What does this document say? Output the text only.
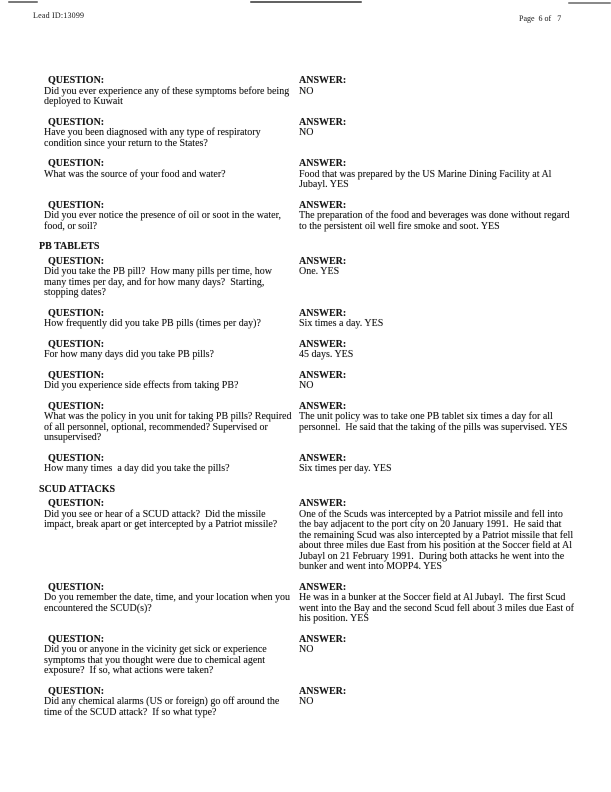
Lead ID:13099	Page  6 of   7
QUESTION:
Did you ever experience any of these symptoms before being deployed to Kuwait
ANSWER:
NO
QUESTION:
Have you been diagnosed with any type of respiratory condition since your return to the States?
ANSWER:
NO
QUESTION:
What was the source of your food and water?
ANSWER:
Food that was prepared by the US Marine Dining Facility at Al Jubayl. YES
QUESTION:
Did you ever notice the presence of oil or soot in the water, food, or soil?
ANSWER:
The preparation of the food and beverages was done without regard to the persistent oil well fire smoke and soot. YES
PB TABLETS
QUESTION:
Did you take the PB pill?  How many pills per time, how many times per day, and for how many days?  Starting, stopping dates?
ANSWER:
One. YES
QUESTION:
How frequently did you take PB pills (times per day)?
ANSWER:
Six times a day. YES
QUESTION:
For how many days did you take PB pills?
ANSWER:
45 days. YES
QUESTION:
Did you experience side effects from taking PB?
ANSWER:
NO
QUESTION:
What was the policy in you unit for taking PB pills? Required of all personnel, optional, recommended? Supervised or unsupervised?
ANSWER:
The unit policy was to take one PB tablet six times a day for all personnel.  He said that the taking of the pills was supervised. YES
QUESTION:
How many times  a day did you take the pills?
ANSWER:
Six times per day. YES
SCUD ATTACKS
QUESTION:
Did you see or hear of a SCUD attack?  Did the missile impact, break apart or get intercepted by a Patriot missile?
ANSWER:
One of the Scuds was intercepted by a Patriot missile and fell into the bay adjacent to the port city on 20 January 1991.  He said that the remaining Scud was also intercepted by a Patriot missile that fell about three miles due East from his position at the Soccer field at Al Jubayl on 21 February 1991.  During both attacks he went into the bunker and went into MOPP4. YES
QUESTION:
Do you remember the date, time, and your location when you encountered the SCUD(s)?
ANSWER:
He was in a bunker at the Soccer field at Al Jubayl.  The first Scud went into the Bay and the second Scud fell about 3 miles due East of his position. YES
QUESTION:
Did you or anyone in the vicinity get sick or experience symptoms that you thought were due to chemical agent exposure?  If so, what actions were taken?
ANSWER:
NO
QUESTION:
Did any chemical alarms (US or foreign) go off around the time of the SCUD attack?  If so what type?
ANSWER:
NO
